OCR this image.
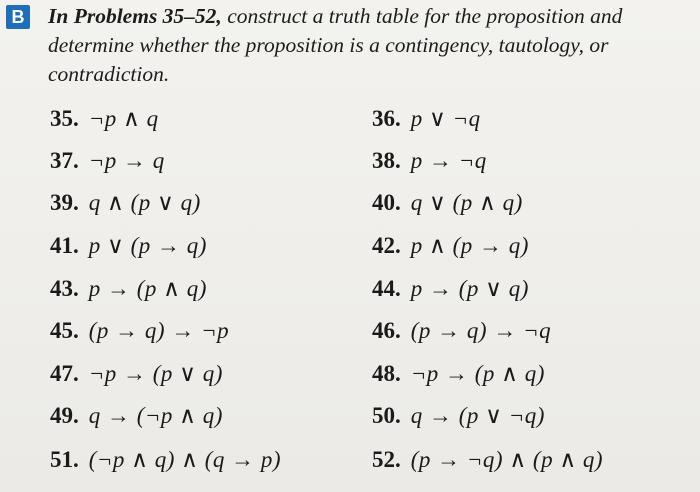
B In Problems 35–52, construct a truth table for the proposition and determine whether the proposition is a contingency, tautology, or contradiction.
35. ¬p ∧ q
37. ¬p → q
39. q ∧ (p ∨ q)
41. p ∨ (p → q)
43. p → (p ∧ q)
45. (p → q) → ¬p
47. ¬p → (p ∨ q)
49. q → (¬p ∧ q)
51. (¬p ∧ q) ∧ (q → p)
36. p ∨ ¬q
38. p → ¬q
40. q ∨ (p ∧ q)
42. p ∧ (p → q)
44. p → (p ∨ q)
46. (p → q) → ¬q
48. ¬p → (p ∧ q)
50. q → (p ∨ ¬q)
52. (p → ¬q) ∧ (p ∧ q)
